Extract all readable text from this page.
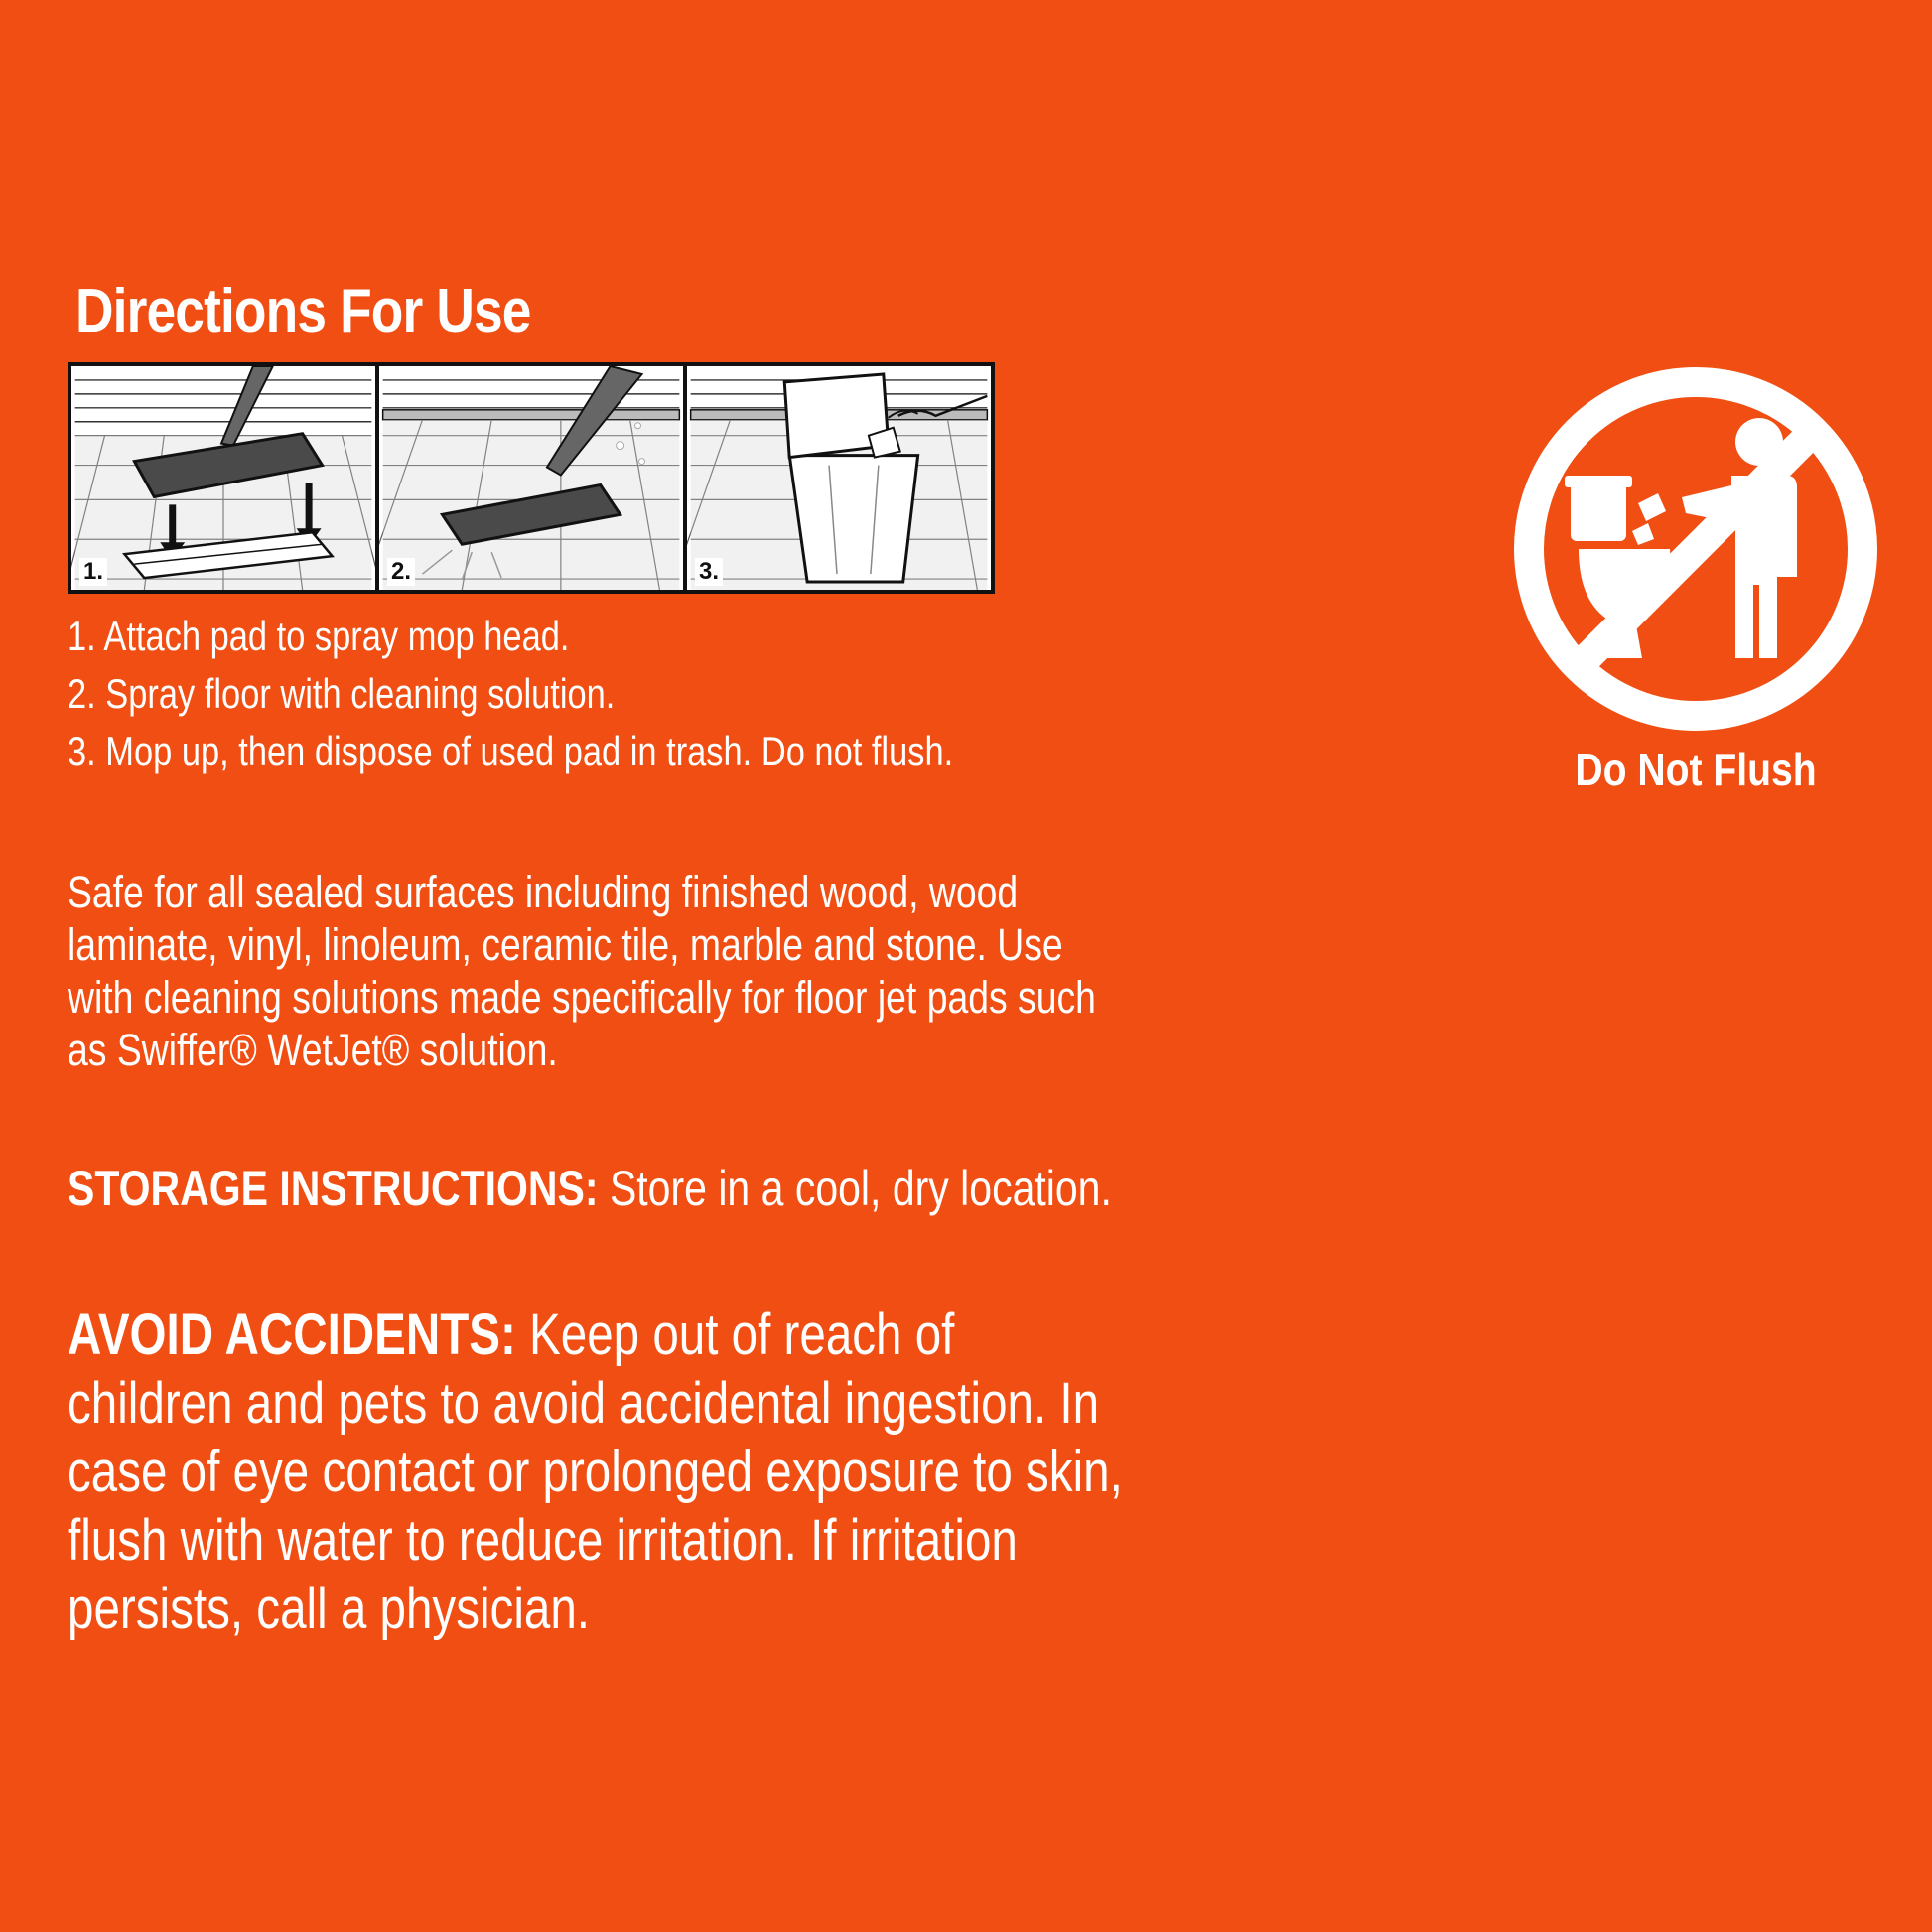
Directions For Use
1.	2.	3.
1. Attach pad to spray mop head.
2. Spray floor with cleaning solution.
3. Mop up, then dispose of used pad in trash. Do not flush.
Safe for all sealed surfaces including finished wood, wood laminate, vinyl, linoleum, ceramic tile, marble and stone. Use with cleaning solutions made specifically for floor jet pads such as Swiffer® WetJet® solution.
STORAGE INSTRUCTIONS: Store in a cool, dry location.
AVOID ACCIDENTS: Keep out of reach of children and pets to avoid accidental ingestion. In case of eye contact or prolonged exposure to skin, flush with water to reduce irritation. If irritation persists, call a physician.
Do Not Flush
